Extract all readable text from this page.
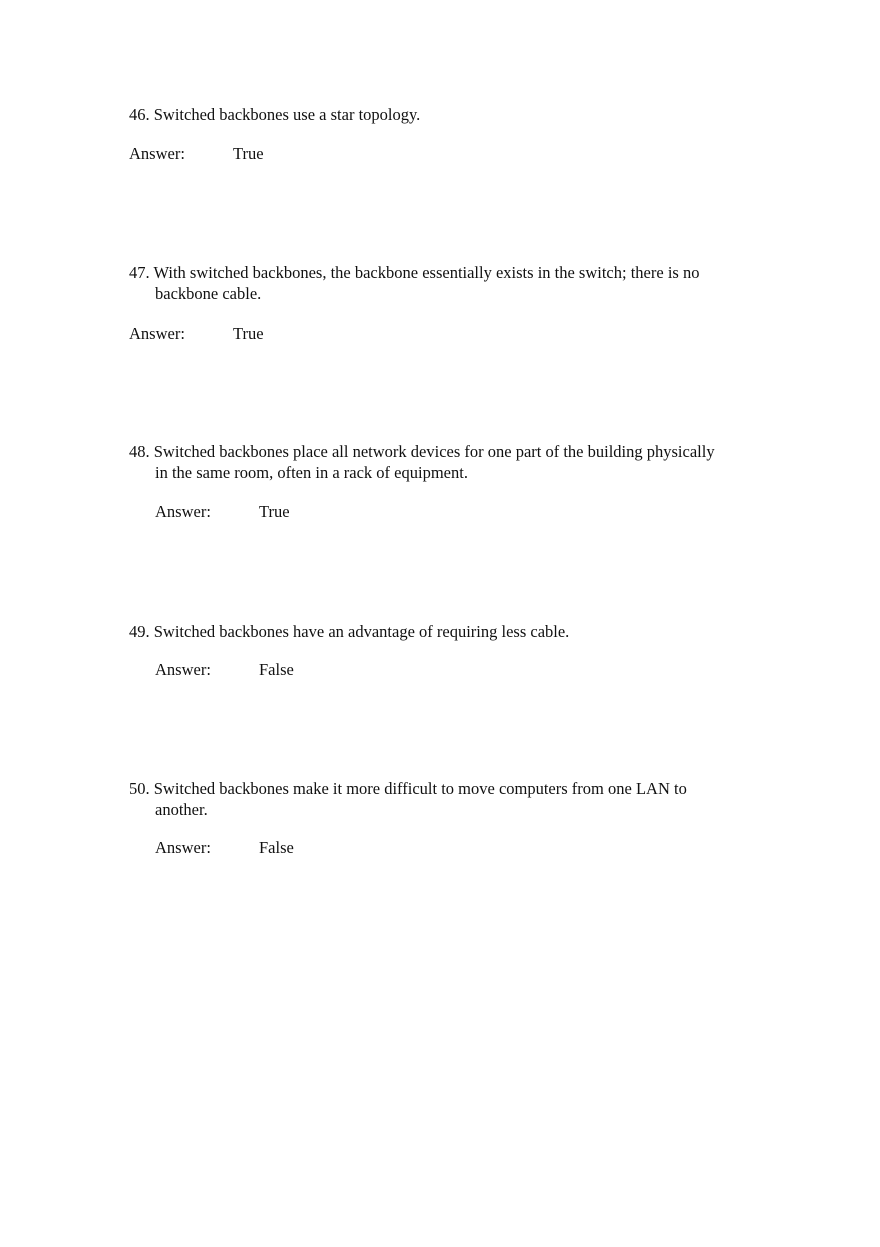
46. Switched backbones use a star topology.
Answer:	True
47. With switched backbones, the backbone essentially exists in the switch; there is no
backbone cable.
Answer:	True
48. Switched backbones place all network devices for one part of the building physically
in the same room, often in a rack of equipment.
Answer:	True
49. Switched backbones have an advantage of requiring less cable.
Answer:	False
50. Switched backbones make it more difficult to move computers from one LAN to
another.
Answer:	False
